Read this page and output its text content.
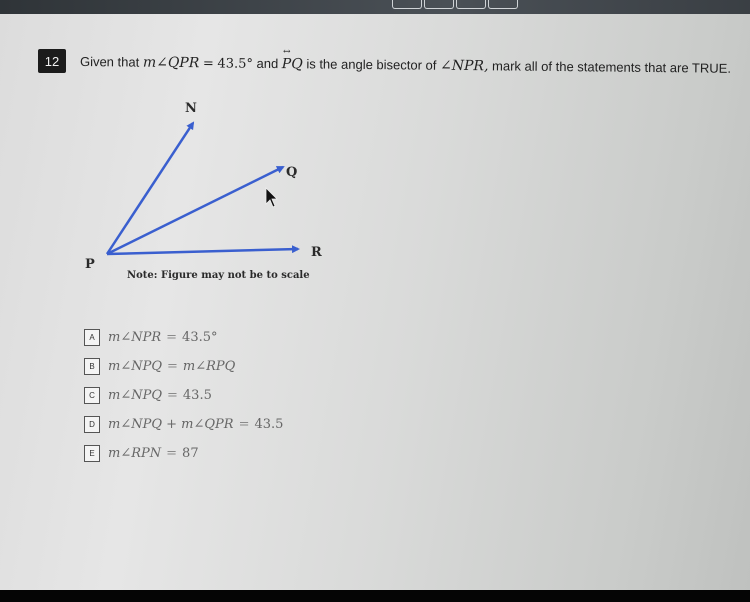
12	Given that m∠QPR = 43.5° and
↔
PQ is the angle bisector of ∠NPR, mark all of the statements that are TRUE.
N
Q
R
P
Note: Figure may not be to scale
A	m∠NPR = 43.5°
B	m∠NPQ = m∠RPQ
C	m∠NPQ = 43.5
D	m∠NPQ + m∠QPR = 43.5
E	m∠RPN = 87
